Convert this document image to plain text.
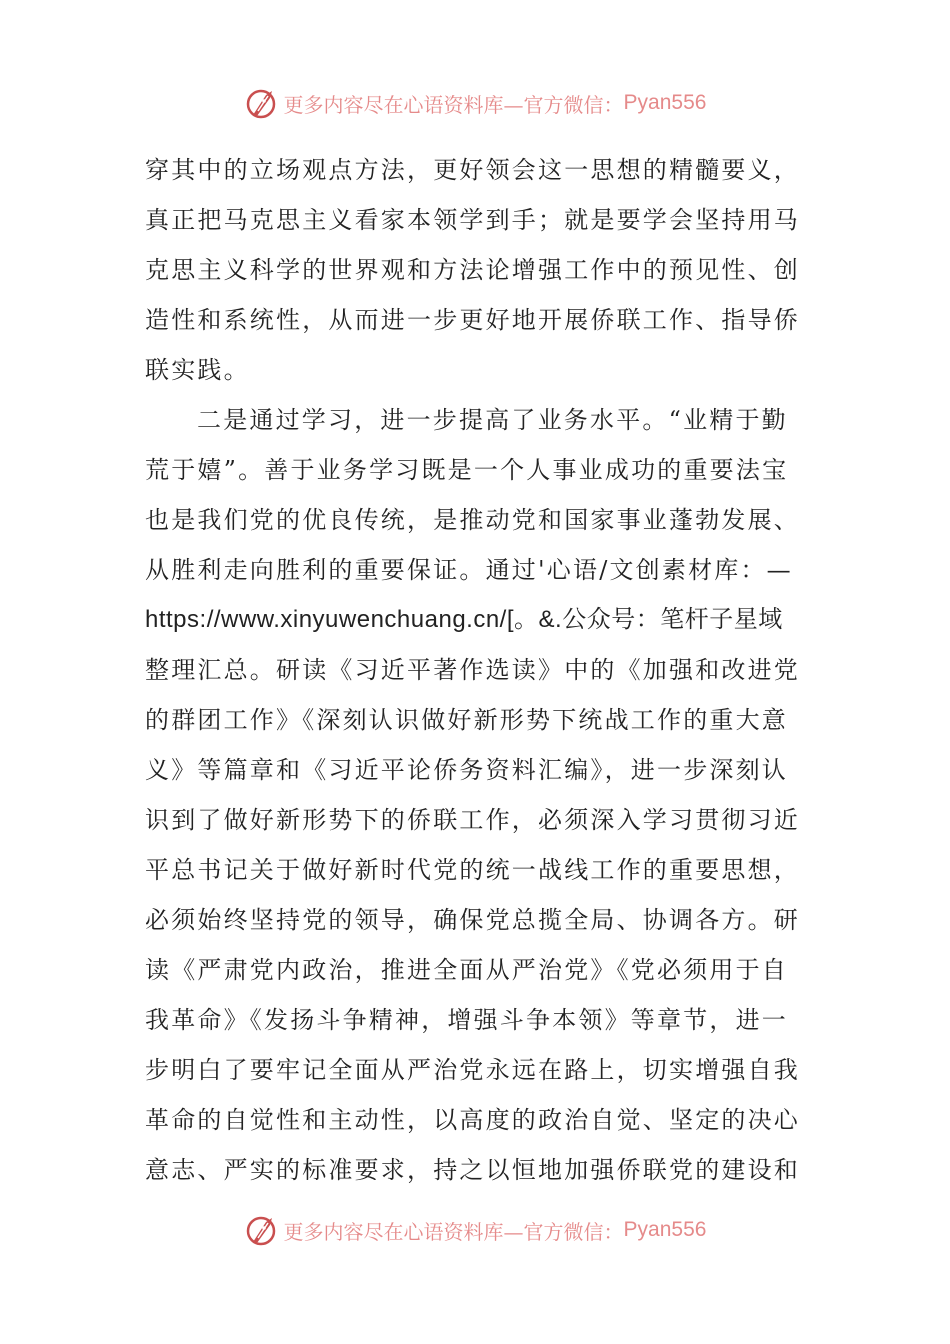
更多内容尽在心语资料库—官方微信： Pyan556
穿其中的立场观点方法，更好领会这一思想的精髓要义，
真正把马克思主义看家本领学到手；就是要学会坚持用马
克思主义科学的世界观和方法论增强工作中的预见性、创
造性和系统性，从而进一步更好地开展侨联工作、指导侨
联实践。
二是通过学习，进一步提高了业务水平。“业精于勤
荒于嬉”。善于业务学习既是一个人事业成功的重要法宝
也是我们党的优良传统，是推动党和国家事业蓬勃发展、
从胜利走向胜利的重要保证。通过'心语/文创素材库：—
https://www.xinyuwenchuang.cn/[。&.公众号：笔杆子星域
整理汇总。研读《习近平著作选读》中的《加强和改进党
的群团工作》《深刻认识做好新形势下统战工作的重大意
义》等篇章和《习近平论侨务资料汇编》，进一步深刻认
识到了做好新形势下的侨联工作，必须深入学习贯彻习近
平总书记关于做好新时代党的统一战线工作的重要思想，
必须始终坚持党的领导，确保党总揽全局、协调各方。研
读《严肃党内政治，推进全面从严治党》《党必须用于自
我革命》《发扬斗争精神，增强斗争本领》等章节，进一
步明白了要牢记全面从严治党永远在路上，切实增强自我
革命的自觉性和主动性，以高度的政治自觉、坚定的决心
意志、严实的标准要求，持之以恒地加强侨联党的建设和
更多内容尽在心语资料库—官方微信： Pyan556
